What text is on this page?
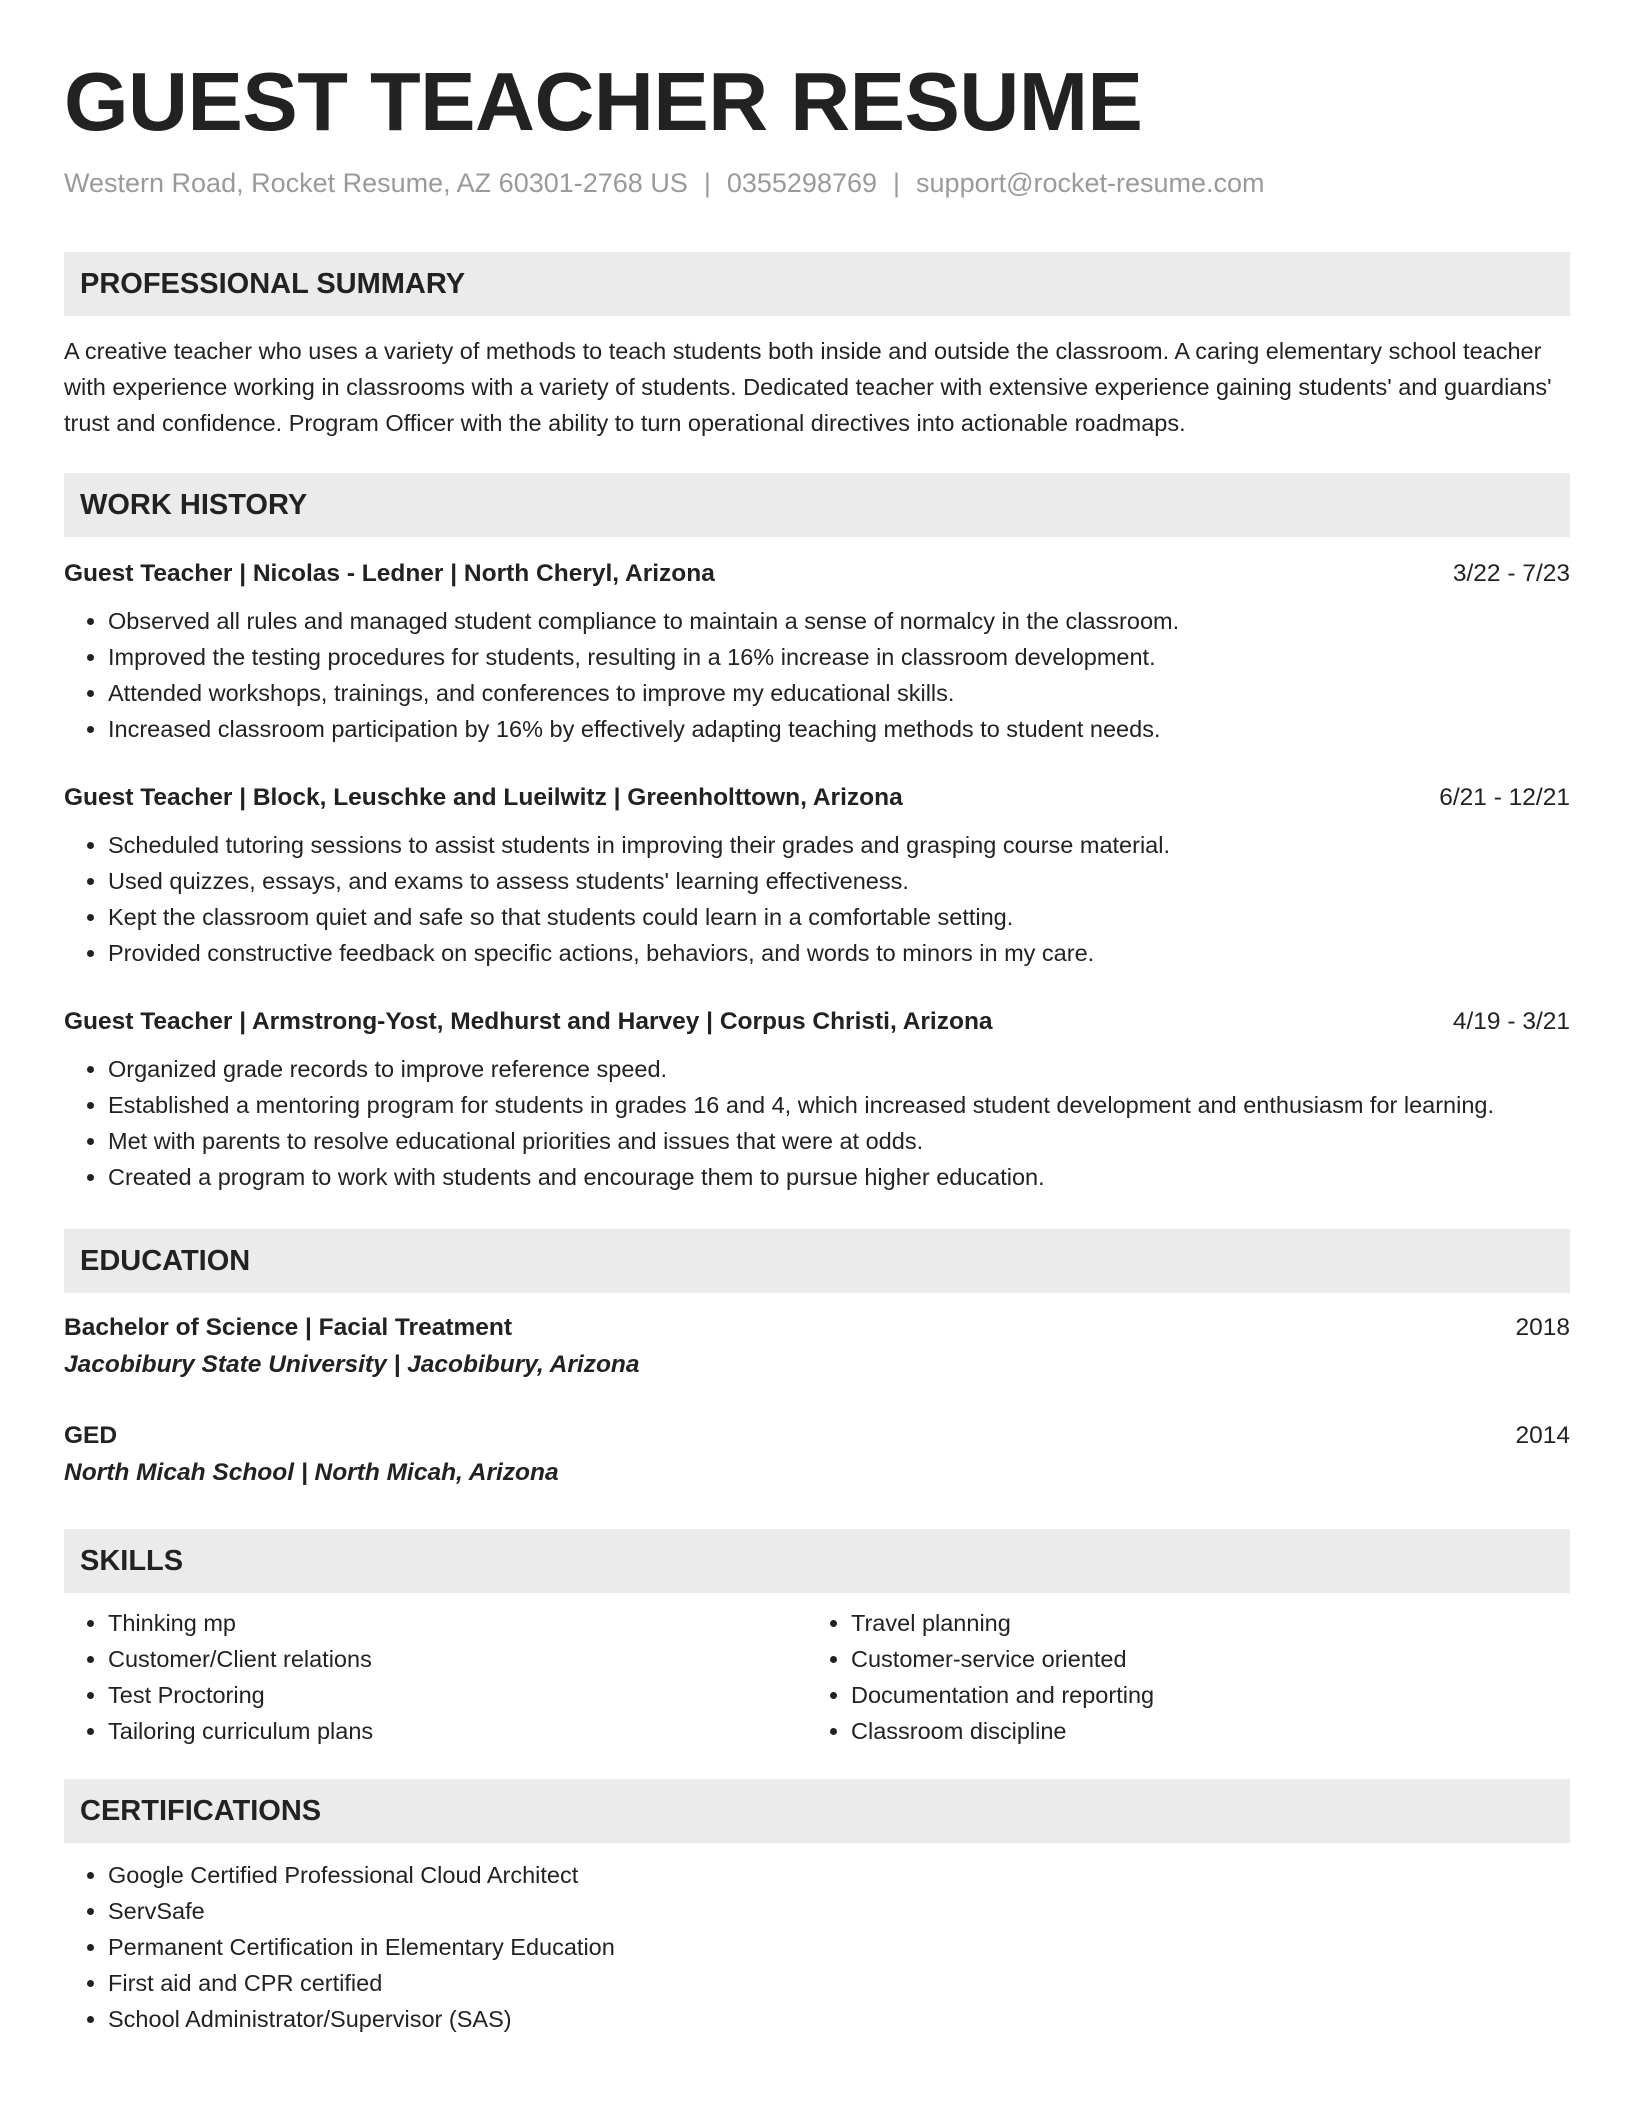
GUEST TEACHER RESUME
Western Road, Rocket Resume, AZ 60301-2768 US | 0355298769 | support@rocket-resume.com
PROFESSIONAL SUMMARY
A creative teacher who uses a variety of methods to teach students both inside and outside the classroom. A caring elementary school teacher with experience working in classrooms with a variety of students. Dedicated teacher with extensive experience gaining students' and guardians' trust and confidence. Program Officer with the ability to turn operational directives into actionable roadmaps.
WORK HISTORY
Guest Teacher | Nicolas - Ledner | North Cheryl, Arizona	3/22 - 7/23
• Observed all rules and managed student compliance to maintain a sense of normalcy in the classroom.
• Improved the testing procedures for students, resulting in a 16% increase in classroom development.
• Attended workshops, trainings, and conferences to improve my educational skills.
• Increased classroom participation by 16% by effectively adapting teaching methods to student needs.
Guest Teacher | Block, Leuschke and Lueilwitz | Greenholttown, Arizona	6/21 - 12/21
• Scheduled tutoring sessions to assist students in improving their grades and grasping course material.
• Used quizzes, essays, and exams to assess students' learning effectiveness.
• Kept the classroom quiet and safe so that students could learn in a comfortable setting.
• Provided constructive feedback on specific actions, behaviors, and words to minors in my care.
Guest Teacher | Armstrong-Yost, Medhurst and Harvey | Corpus Christi, Arizona	4/19 - 3/21
• Organized grade records to improve reference speed.
• Established a mentoring program for students in grades 16 and 4, which increased student development and enthusiasm for learning.
• Met with parents to resolve educational priorities and issues that were at odds.
• Created a program to work with students and encourage them to pursue higher education.
EDUCATION
Bachelor of Science | Facial Treatment	2018
Jacobibury State University | Jacobibury, Arizona
GED	2014
North Micah School | North Micah, Arizona
SKILLS
• Thinking mp
• Customer/Client relations
• Test Proctoring
• Tailoring curriculum plans
• Travel planning
• Customer-service oriented
• Documentation and reporting
• Classroom discipline
CERTIFICATIONS
• Google Certified Professional Cloud Architect
• ServSafe
• Permanent Certification in Elementary Education
• First aid and CPR certified
• School Administrator/Supervisor (SAS)
